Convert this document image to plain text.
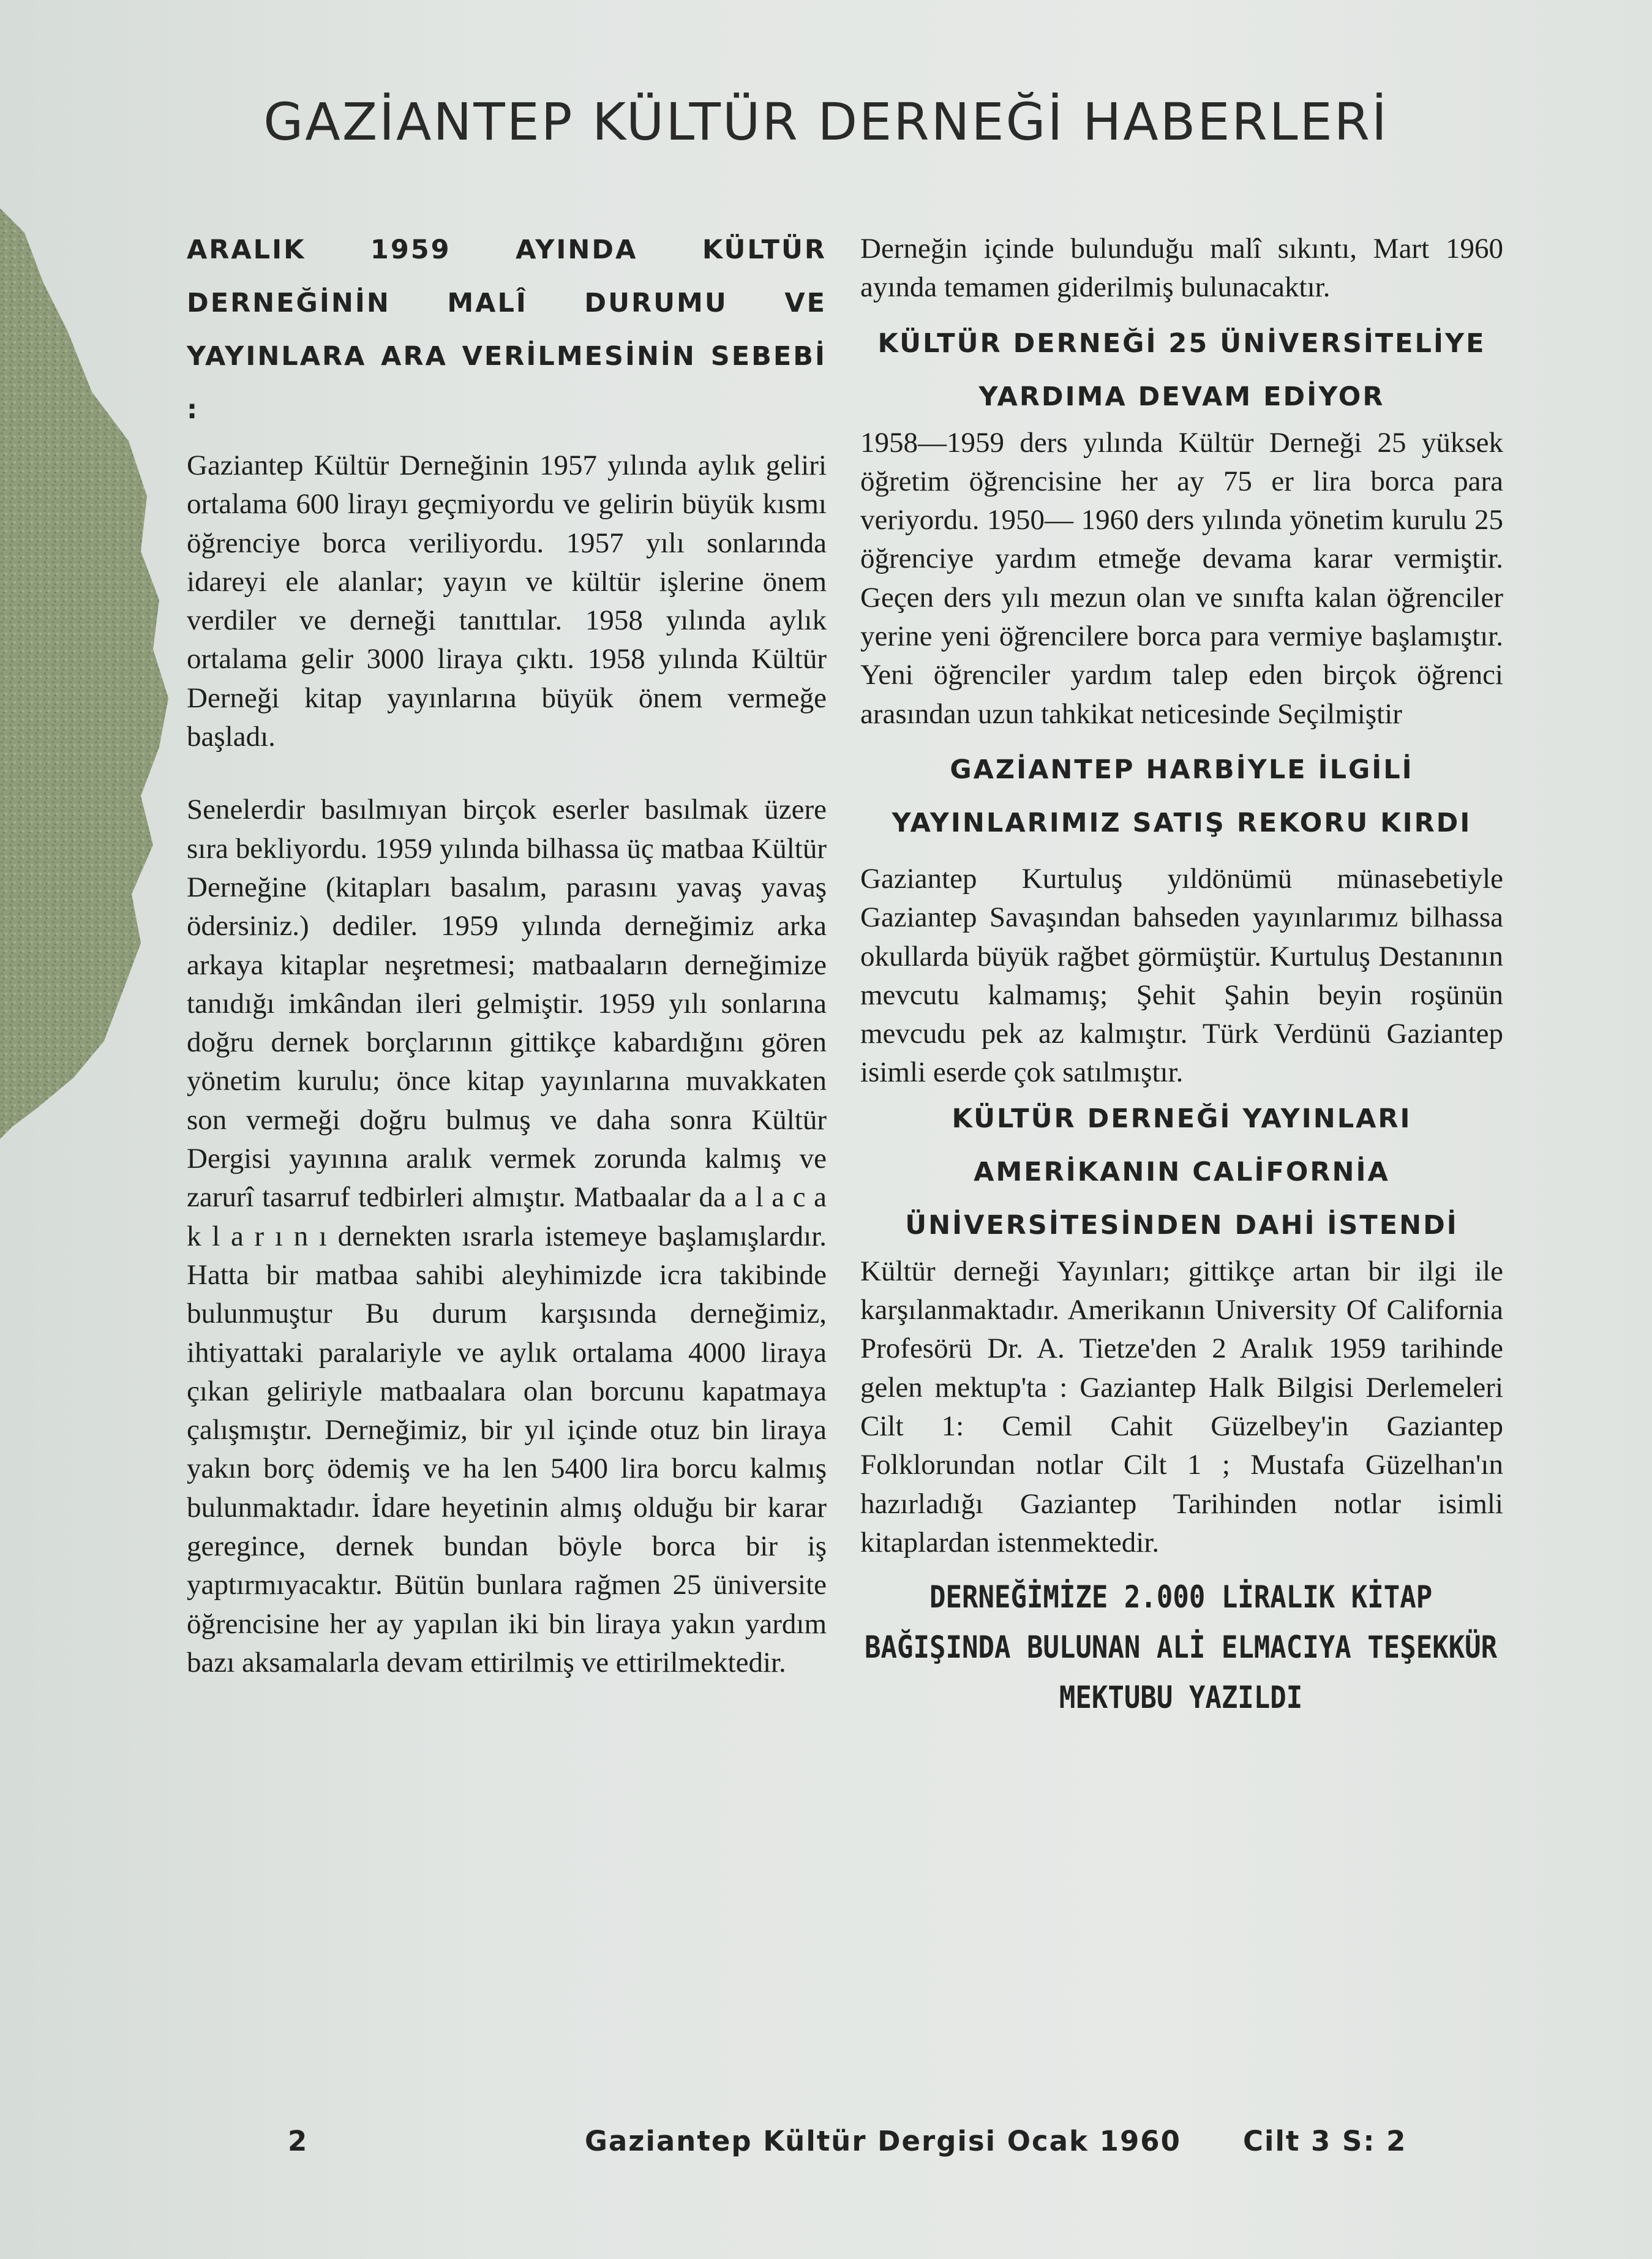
GAZİANTEP KÜLTÜR DERNEĞİ HABERLERİ
ARALIK 1959 AYINDA KÜLTÜR DERNEĞİNİN MALÎ DURUMU VE YAYINLARA ARA VERİLMESİNİN SEBEBİ :

Gaziantep Kültür Derneğinin 1957 yılında aylık geliri ortalama 600 lirayı geçmiyordu ve gelirin büyük kısmı öğrenciye borca veriliyordu. 1957 yılı sonlarında idareyi ele alanlar; yayın ve kültür işlerine önem verdiler ve derneği tanıttılar. 1958 yılında aylık ortalama gelir 3000 liraya çıktı. 1958 yılında Kültür Derneği kitap yayınlarına büyük önem vermeğe başladı.

Senelerdir basılmıyan birçok eserler basılmak üzere sıra bekliyordu. 1959 yılında bilhassa üç matbaa Kültür Derneğine (kitapları basalım, parasını yavaş yavaş ödersiniz.) dediler. 1959 yılında derneğimiz arka arkaya kitaplar neşretmesi; matbaaların derneğimize tanıdığı imkândan ileri gelmiştir. 1959 yılı sonlarına doğru dernek borçlarının gittikçe kabardığını gören yönetim kurulu; önce kitap yayınlarına muvakkaten son vermeği doğru bulmuş ve daha sonra Kültür Dergisi yayınına aralık vermek zorunda kalmış ve zarurî tasarruf tedbirleri almıştır. Matbaalar da a l a c a k l a r ı n ı dernekten ısrarla istemeye başlamışlardır. Hatta bir matbaa sahibi aleyhimizde icra takibinde bulunmuştur Bu durum karşısında derneğimiz, ihtiyattaki paralariyle ve aylık ortalama 4000 liraya çıkan geliriyle matbaalara olan borcunu kapatmaya çalışmıştır. Derneğimiz, bir yıl içinde otuz bin liraya yakın borç ödemiş ve ha len 5400 lira borcu kalmış bulunmaktadır. İdare heyetinin almış olduğu bir karar geregince, dernek bundan böyle borca bir iş yaptırmıyacaktır. Bütün bunlara rağmen 25 üniversite öğrencisine her ay yapılan iki bin liraya yakın yardım bazı aksamalarla devam ettirilmiş ve ettirilmektedir.

Derneğin içinde bulunduğu malî sıkıntı, Mart 1960 ayında temamen giderilmiş bulunacaktır.

KÜLTÜR DERNEĞİ 25 ÜNİVERSİTELİYE YARDIMA DEVAM EDİYOR

1958—1959 ders yılında Kültür Derneği 25 yüksek öğretim öğrencisine her ay 75 er lira borca para veriyordu. 1950— 1960 ders yılında yönetim kurulu 25 öğrenciye yardım etmeğe devama karar vermiştir. Geçen ders yılı mezun olan ve sınıfta kalan öğrenciler yerine yeni öğrencilere borca para vermiye başlamıştır. Yeni öğrenciler yardım talep eden birçok öğrenci arasından uzun tahkikat neticesinde Seçilmiştir

GAZİANTEP HARBİYLE İLGİLİ YAYINLARIMIZ SATIŞ REKORU KIRDI

Gaziantep Kurtuluş yıldönümü münasebetiyle Gaziantep Savaşından bahseden yayınlarımız bilhassa okullarda büyük rağbet görmüştür. Kurtuluş Destanının mevcutu kalmamış; Şehit Şahin beyin roşünün mevcudu pek az kalmıştır. Türk Verdünü Gaziantep isimli eserde çok satılmıştır.

KÜLTÜR DERNEĞİ YAYINLARI AMERİKANIN CALİFORNİA ÜNİVERSİTESİNDEN DAHİ İSTENDİ

Kültür derneği Yayınları; gittikçe artan bir ilgi ile karşılanmaktadır. Amerikanın University Of California Profesörü Dr. A. Tietze'den 2 Aralık 1959 tarihinde gelen mektup'ta : Gaziantep Halk Bilgisi Derlemeleri Cilt 1: Cemil Cahit Güzelbey'in Gaziantep Folklorundan notlar Cilt 1 ; Mustafa Güzelhan'ın hazırladığı Gaziantep Tarihinden notlar isimli kitaplardan istenmektedir.

DERNEĞİMİZE 2.000 LİRALIK KİTAP BAĞIŞINDA BULUNAN ALİ ELMACIYA TEŞEKKÜR MEKTUBU YAZILDI
2	Gaziantep Kültür Dergisi Ocak 1960 Cilt 3 S: 2
